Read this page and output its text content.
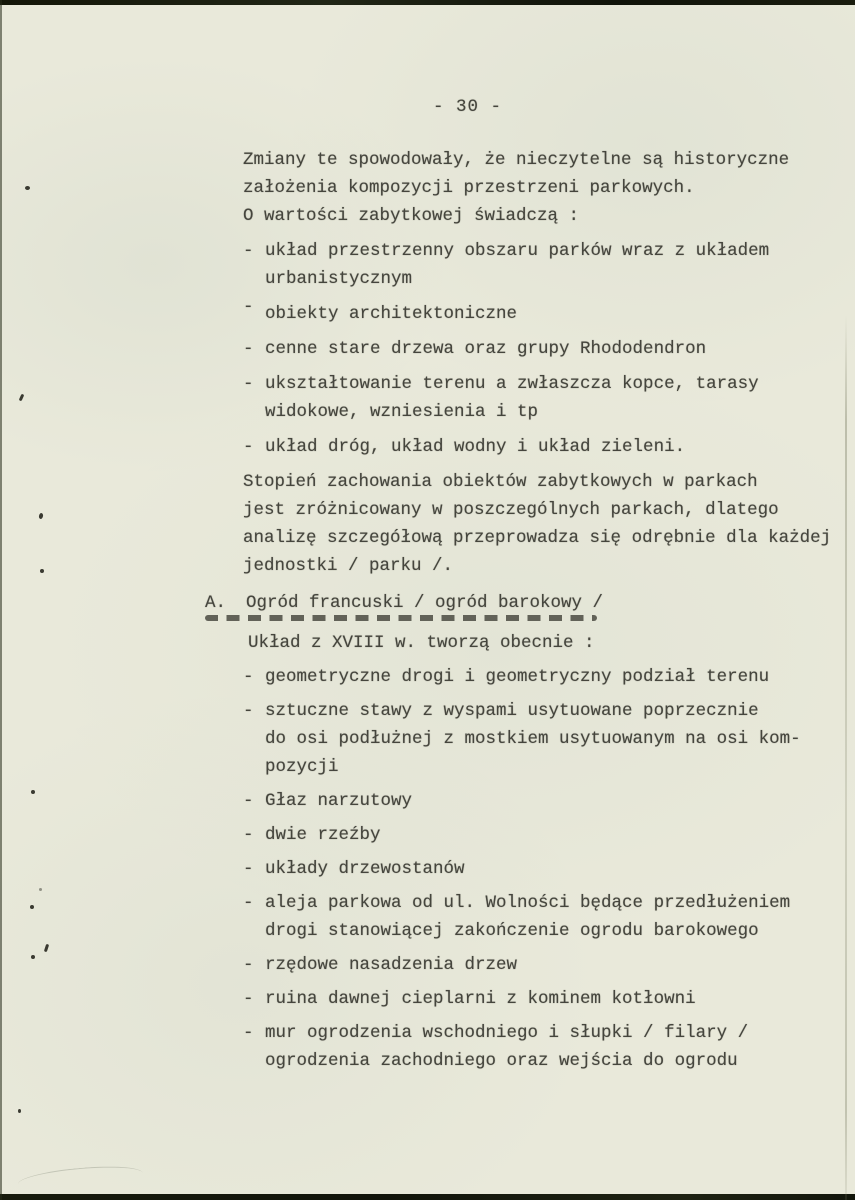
- 30 -
Zmiany te spowodowały, że nieczytelne są historyczne
założenia kompozycji przestrzeni parkowych.
O wartości zabytkowej świadczą :
- układ przestrzenny obszaru parków wraz z układem
urbanistycznym
- obiekty architektoniczne
- cenne stare drzewa oraz grupy Rhododendron
- ukształtowanie terenu a zwłaszcza kopce, tarasy
widokowe, wzniesienia i tp
- układ dróg, układ wodny i układ zieleni.
Stopień zachowania obiektów zabytkowych w parkach
jest zróżnicowany w poszczególnych parkach, dlatego
analizę szczegółową przeprowadza się odrębnie dla każdej
jednostki / parku /.
A.	Ogród francuski / ogród barokowy /
Układ z XVIII w. tworzą obecnie :
- geometryczne drogi i geometryczny podział terenu
- sztuczne stawy z wyspami usytuowane poprzecznie
do osi podłużnej z mostkiem usytuowanym na osi kom-
pozycji
- Głaz narzutowy
- dwie rzeźby
- układy drzewostanów
- aleja parkowa od ul. Wolności będące przedłużeniem
drogi stanowiącej zakończenie ogrodu barokowego
- rzędowe nasadzenia drzew
- ruina dawnej cieplarni z kominem kotłowni
- mur ogrodzenia wschodniego i słupki / filary /
ogrodzenia zachodniego oraz wejścia do ogrodu
